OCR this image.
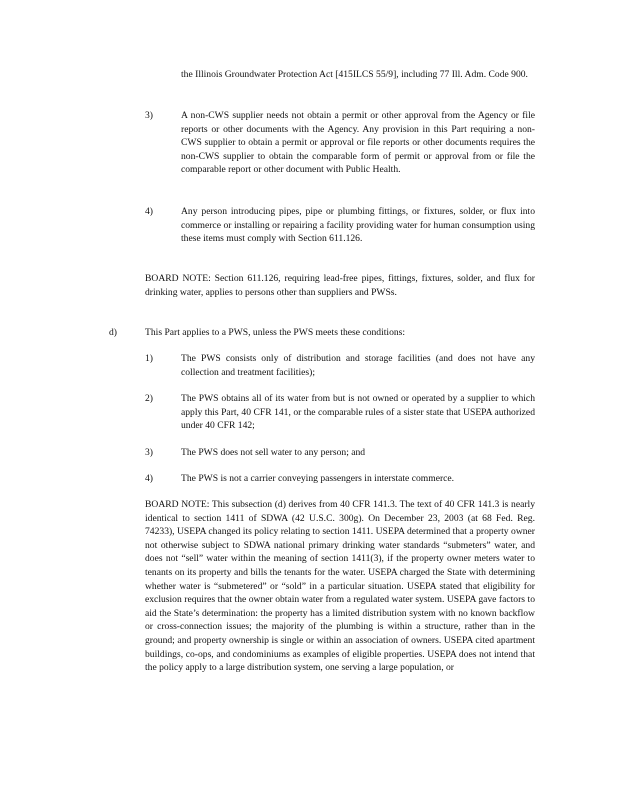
the Illinois Groundwater Protection Act [415ILCS 55/9], including 77 Ill. Adm. Code 900.

3)	A non-CWS supplier needs not obtain a permit or other approval from the Agency or file reports or other documents with the Agency. Any provision in this Part requiring a non-CWS supplier to obtain a permit or approval or file reports or other documents requires the non-CWS supplier to obtain the comparable form of permit or approval from or file the comparable report or other document with Public Health.

4)	Any person introducing pipes, pipe or plumbing fittings, or fixtures, solder, or flux into commerce or installing or repairing a facility providing water for human consumption using these items must comply with Section 611.126.

BOARD NOTE: Section 611.126, requiring lead-free pipes, fittings, fixtures, solder, and flux for drinking water, applies to persons other than suppliers and PWSs.

d)	This Part applies to a PWS, unless the PWS meets these conditions:

1)	The PWS consists only of distribution and storage facilities (and does not have any collection and treatment facilities);

2)	The PWS obtains all of its water from but is not owned or operated by a supplier to which apply this Part, 40 CFR 141, or the comparable rules of a sister state that USEPA authorized under 40 CFR 142;

3)	The PWS does not sell water to any person; and

4)	The PWS is not a carrier conveying passengers in interstate commerce.

BOARD NOTE: This subsection (d) derives from 40 CFR 141.3. The text of 40 CFR 141.3 is nearly identical to section 1411 of SDWA (42 U.S.C. 300g). On December 23, 2003 (at 68 Fed. Reg. 74233), USEPA changed its policy relating to section 1411. USEPA determined that a property owner not otherwise subject to SDWA national primary drinking water standards “submeters” water, and does not “sell” water within the meaning of section 1411(3), if the property owner meters water to tenants on its property and bills the tenants for the water. USEPA charged the State with determining whether water is “submetered” or “sold” in a particular situation. USEPA stated that eligibility for exclusion requires that the owner obtain water from a regulated water system. USEPA gave factors to aid the State’s determination: the property has a limited distribution system with no known backflow or cross-connection issues; the majority of the plumbing is within a structure, rather than in the ground; and property ownership is single or within an association of owners. USEPA cited apartment buildings, co-ops, and condominiums as examples of eligible properties. USEPA does not intend that the policy apply to a large distribution system, one serving a large population, or
